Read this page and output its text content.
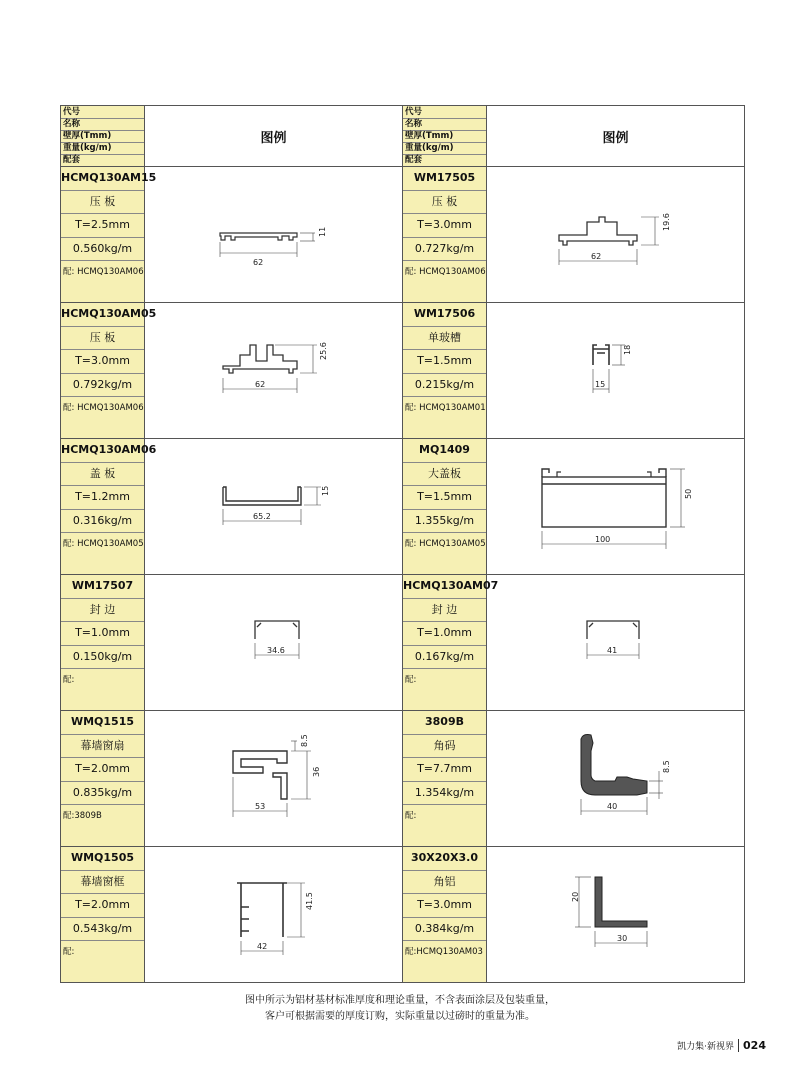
代号
名称
壁厚(Tmm)
重量(kg/m)
配套
图例
HCMQ130AM15
压 板
T=2.5mm
0.560kg/m
配: HCMQ130AM06
62
11
HCMQ130AM05
压 板
T=3.0mm
0.792kg/m
配: HCMQ130AM06
62
25.6
HCMQ130AM06
盖 板
T=1.2mm
0.316kg/m
配: HCMQ130AM05
65.2
15
WM17507
封 边
T=1.0mm
0.150kg/m
配:
34.6
WMQ1515
幕墙窗扇
T=2.0mm
0.835kg/m
配:3809B
53
36
8.5
WMQ1505
幕墙窗框
T=2.0mm
0.543kg/m
配:
42
41.5
代号
名称
壁厚(Tmm)
重量(kg/m)
配套
图例
WM17505
压 板
T=3.0mm
0.727kg/m
配: HCMQ130AM06
62
19.6
WM17506
单玻槽
T=1.5mm
0.215kg/m
配: HCMQ130AM01
15
18
MQ1409
大盖板
T=1.5mm
1.355kg/m
配: HCMQ130AM05	100
50
HCMQ130AM07
封 边
T=1.0mm
0.167kg/m
配:
41
3809B
角码
T=7.7mm
1.354kg/m
配:
40
8.5
30X20X3.0
角铝
T=3.0mm
0.384kg/m
配:HCMQ130AM03
30
20
图中所示为铝材基材标准厚度和理论重量，不含表面涂层及包装重量，
客户可根据需要的厚度订购，实际重量以过磅时的重量为准。
凯力集·新视界 024
